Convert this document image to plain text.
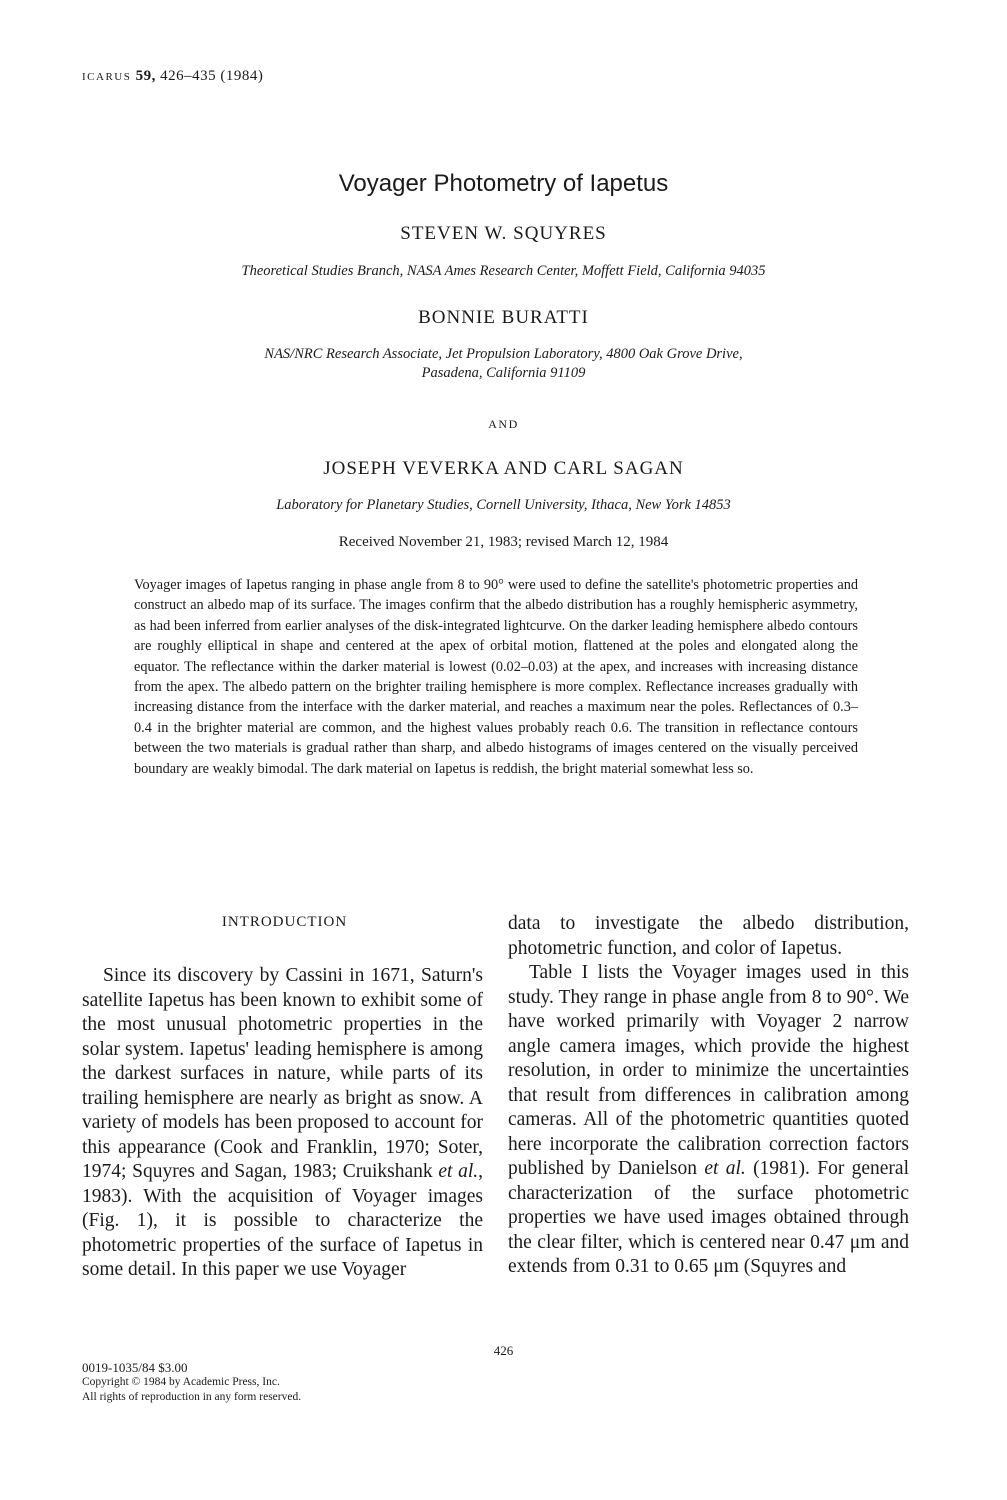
ICARUS 59, 426–435 (1984)
Voyager Photometry of Iapetus
STEVEN W. SQUYRES
Theoretical Studies Branch, NASA Ames Research Center, Moffett Field, California 94035
BONNIE BURATTI
NAS/NRC Research Associate, Jet Propulsion Laboratory, 4800 Oak Grove Drive,
Pasadena, California 91109
AND
JOSEPH VEVERKA AND CARL SAGAN
Laboratory for Planetary Studies, Cornell University, Ithaca, New York 14853
Received November 21, 1983; revised March 12, 1984

Voyager images of Iapetus ranging in phase angle from 8 to 90° were used to define the satellite's photometric properties and construct an albedo map of its surface. The images confirm that the albedo distribution has a roughly hemispheric asymmetry, as had been inferred from earlier analyses of the disk-integrated lightcurve. On the darker leading hemisphere albedo contours are roughly elliptical in shape and centered at the apex of orbital motion, flattened at the poles and elongated along the equator. The reflectance within the darker material is lowest (0.02–0.03) at the apex, and increases with increasing distance from the apex. The albedo pattern on the brighter trailing hemisphere is more complex. Reflectance increases gradually with increasing distance from the interface with the darker material, and reaches a maximum near the poles. Reflectances of 0.3–0.4 in the brighter material are common, and the highest values probably reach 0.6. The transition in reflectance contours between the two materials is gradual rather than sharp, and albedo histograms of images centered on the visually perceived boundary are weakly bimodal. The dark material on Iapetus is reddish, the bright material somewhat less so.

INTRODUCTION

Since its discovery by Cassini in 1671, Saturn's satellite Iapetus has been known to exhibit some of the most unusual photometric properties in the solar system. Iapetus' leading hemisphere is among the darkest surfaces in nature, while parts of its trailing hemisphere are nearly as bright as snow. A variety of models has been proposed to account for this appearance (Cook and Franklin, 1970; Soter, 1974; Squyres and Sagan, 1983; Cruikshank et al., 1983). With the acquisition of Voyager images (Fig. 1), it is possible to characterize the photometric properties of the surface of Iapetus in some detail. In this paper we use Voyager

data to investigate the albedo distribution, photometric function, and color of Iapetus.

Table I lists the Voyager images used in this study. They range in phase angle from 8 to 90°. We have worked primarily with Voyager 2 narrow angle camera images, which provide the highest resolution, in order to minimize the uncertainties that result from differences in calibration among cameras. All of the photometric quantities quoted here incorporate the calibration correction factors published by Danielson et al. (1981). For general characterization of the surface photometric properties we have used images obtained through the clear filter, which is centered near 0.47 μm and extends from 0.31 to 0.65 μm (Squyres and

426
0019-1035/84 $3.00
Copyright © 1984 by Academic Press, Inc.
All rights of reproduction in any form reserved.
